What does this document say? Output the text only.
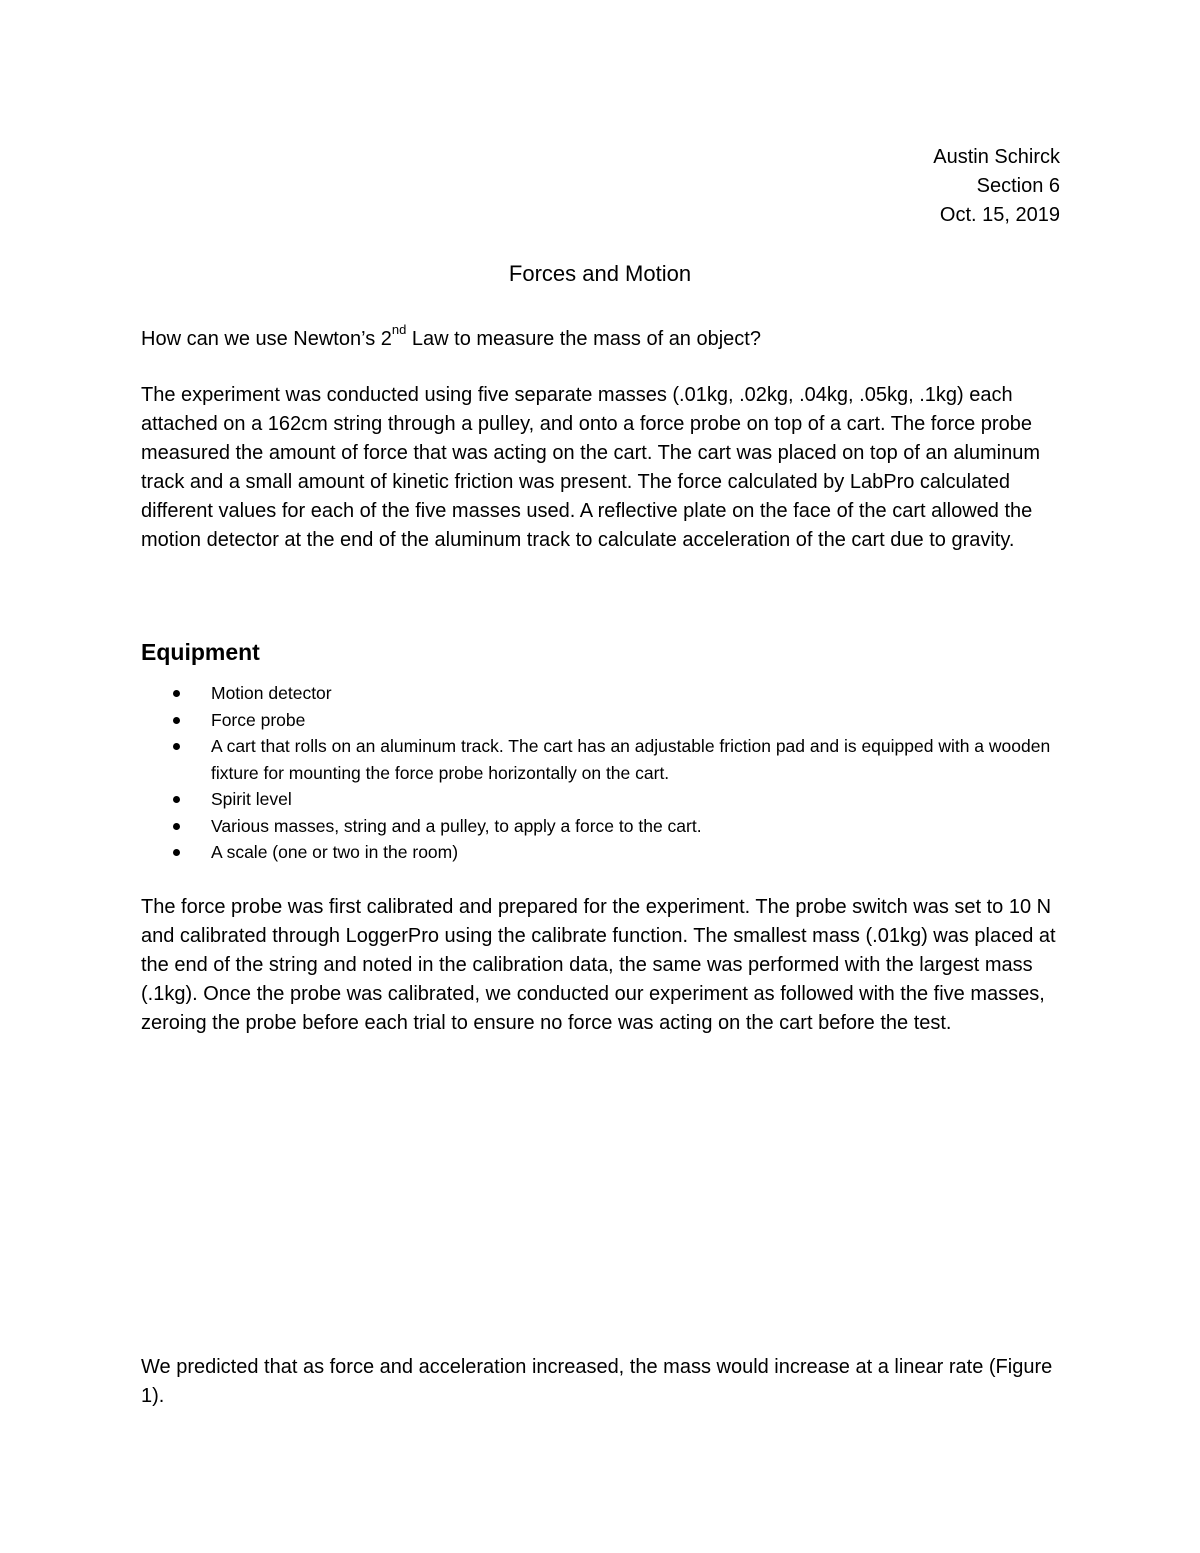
Austin Schirck
Section 6
Oct. 15, 2019
Forces and Motion
How can we use Newton’s 2nd Law to measure the mass of an object?
The experiment was conducted using five separate masses (.01kg, .02kg, .04kg, .05kg, .1kg) each attached on a 162cm string through a pulley, and onto a force probe on top of a cart. The force probe measured the amount of force that was acting on the cart. The cart was placed on top of an aluminum track and a small amount of kinetic friction was present. The force calculated by LabPro calculated different values for each of the five masses used. A reflective plate on the face of the cart allowed the motion detector at the end of the aluminum track to calculate acceleration of the cart due to gravity.
Equipment
Motion detector
Force probe
A cart that rolls on an aluminum track. The cart has an adjustable friction pad and is equipped with a wooden fixture for mounting the force probe horizontally on the cart.
Spirit level
Various masses, string and a pulley, to apply a force to the cart.
A scale (one or two in the room)
The force probe was first calibrated and prepared for the experiment. The probe switch was set to 10 N and calibrated through LoggerPro using the calibrate function. The smallest mass (.01kg) was placed at the end of the string and noted in the calibration data, the same was performed with the largest mass (.1kg). Once the probe was calibrated, we conducted our experiment as followed with the five masses, zeroing the probe before each trial to ensure no force was acting on the cart before the test.
We predicted that as force and acceleration increased, the mass would increase at a linear rate (Figure 1).
